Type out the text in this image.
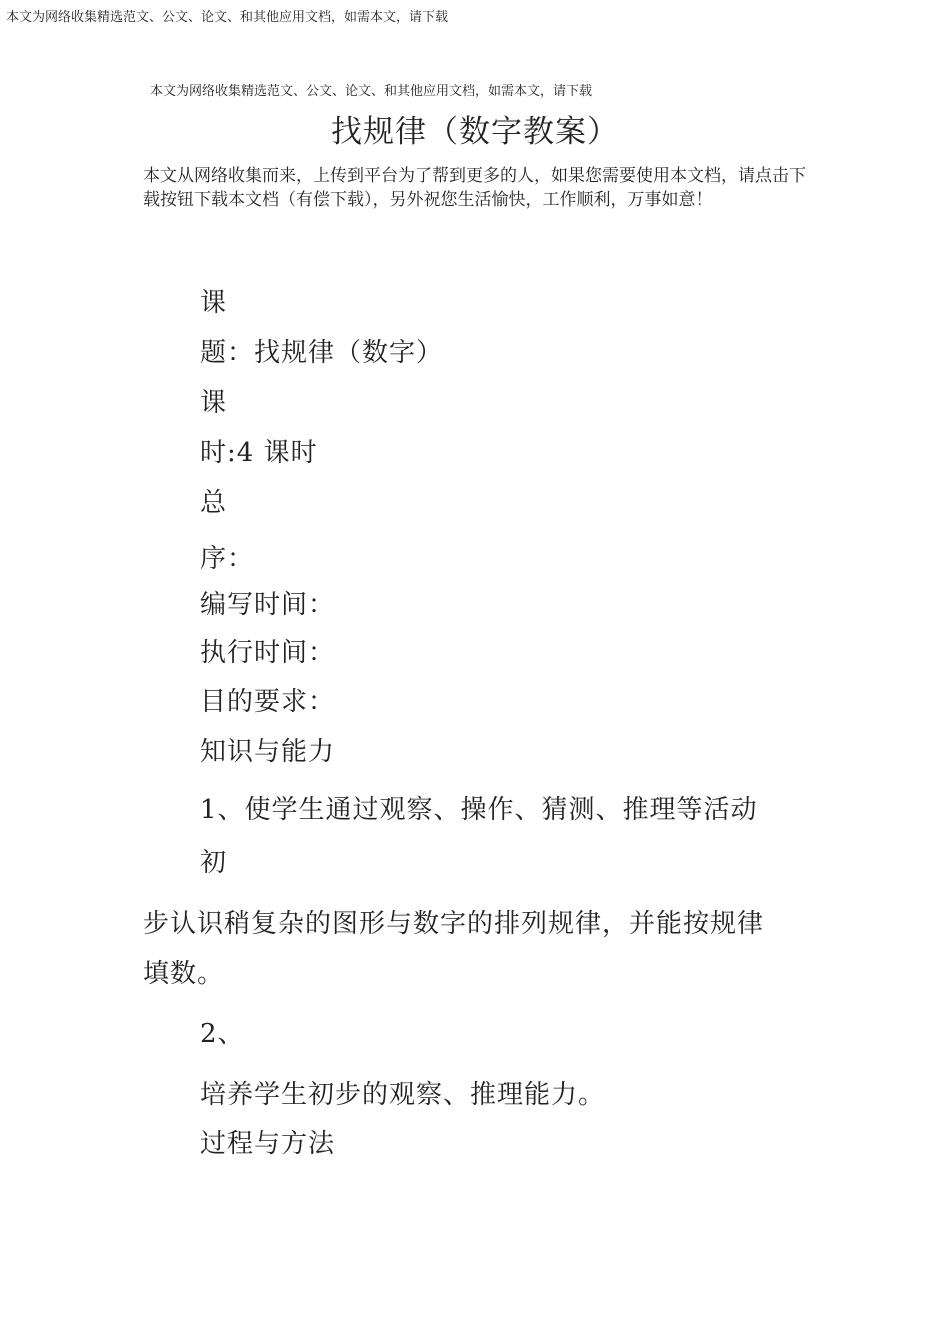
本文为网络收集精选范文、公文、论文、和其他应用文档，如需本文，请下载
本文为网络收集精选范文、公文、论文、和其他应用文档，如需本文，请下载
找规律（数字教案）
本文从网络收集而来，上传到平台为了帮到更多的人，如果您需要使用本文档，请点击下载按钮下载本文档（有偿下载），另外祝您生活愉快，工作顺利，万事如意！
课
题：找规律（数字）
课
时:4 课时
总
序：
编写时间：
执行时间：
目的要求：
知识与能力
1、使学生通过观察、操作、猜测、推理等活动
初
步认识稍复杂的图形与数字的排列规律，并能按规律
填数。
2、
培养学生初步的观察、推理能力。
过程与方法
